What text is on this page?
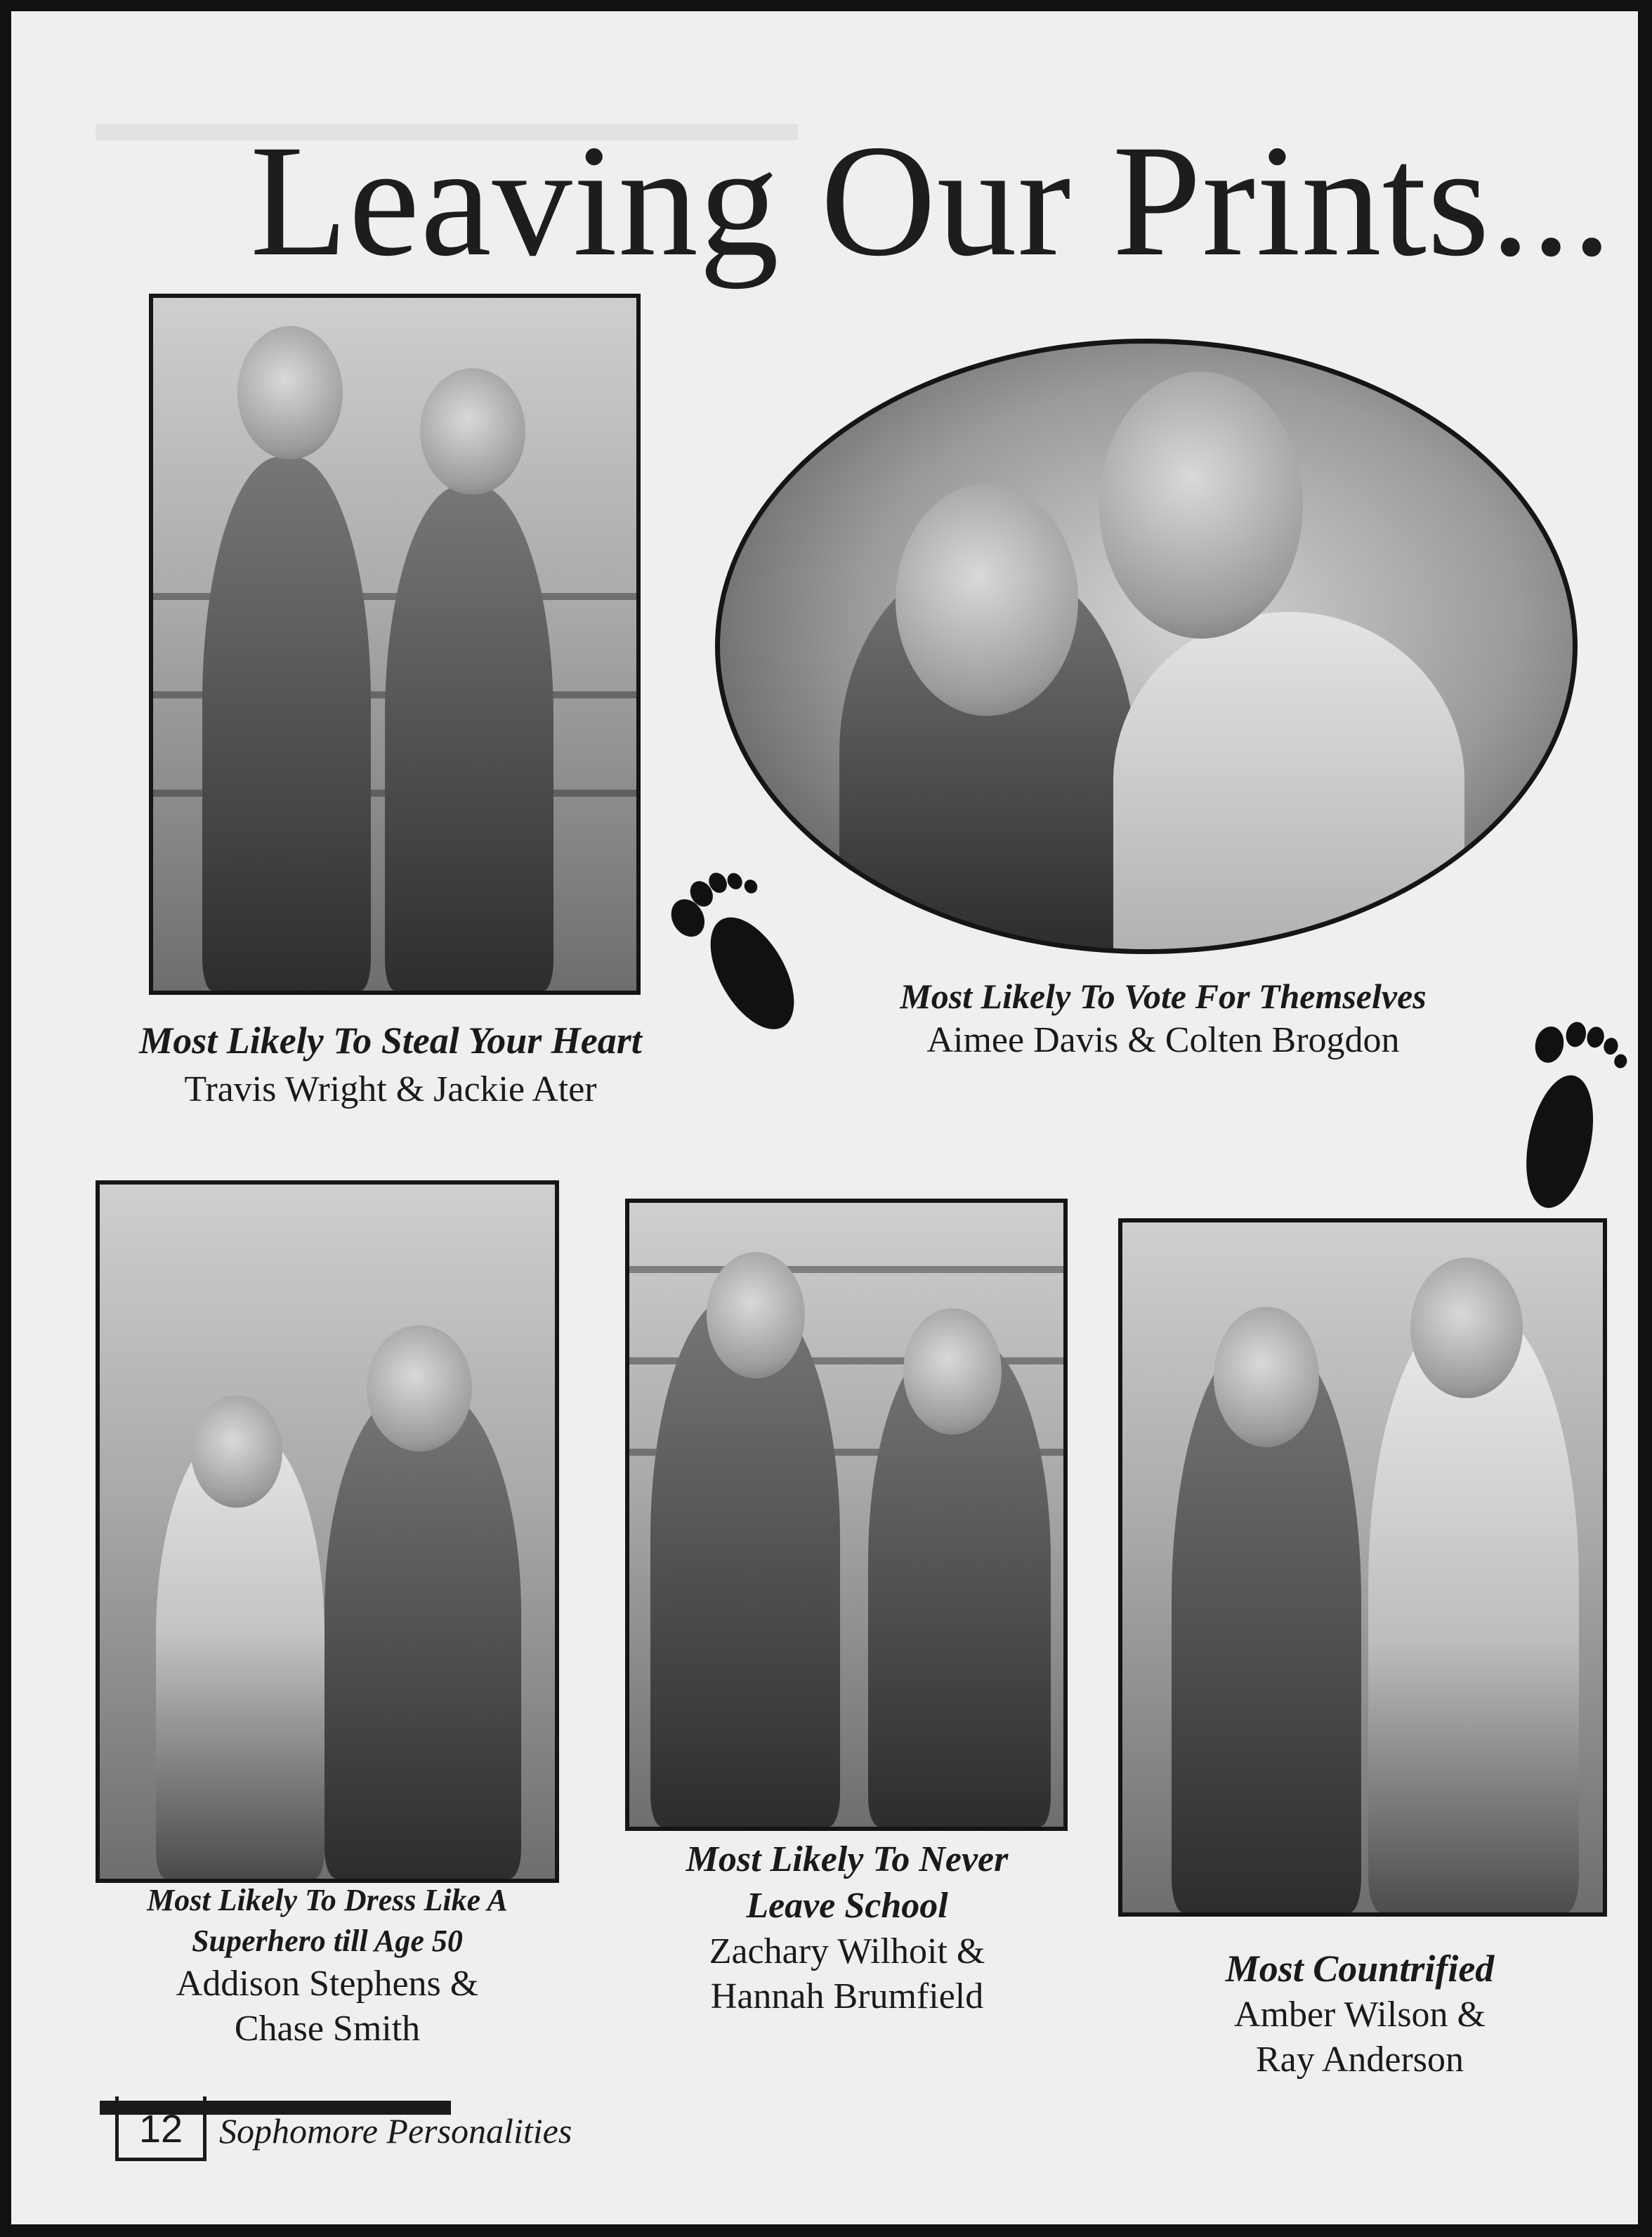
Leaving Our Prints...
Most Likely To Steal Your Heart
Travis Wright & Jackie Ater
Most Likely To Vote For Themselves
Aimee Davis & Colten Brogdon
Most Likely To Dress Like A
Superhero till Age 50
Addison Stephens &
Chase Smith
Most Likely To Never
Leave School
Zachary Wilhoit &
Hannah Brumfield
Most Countrified
Amber Wilson &
Ray Anderson
12	Sophomore Personalities
